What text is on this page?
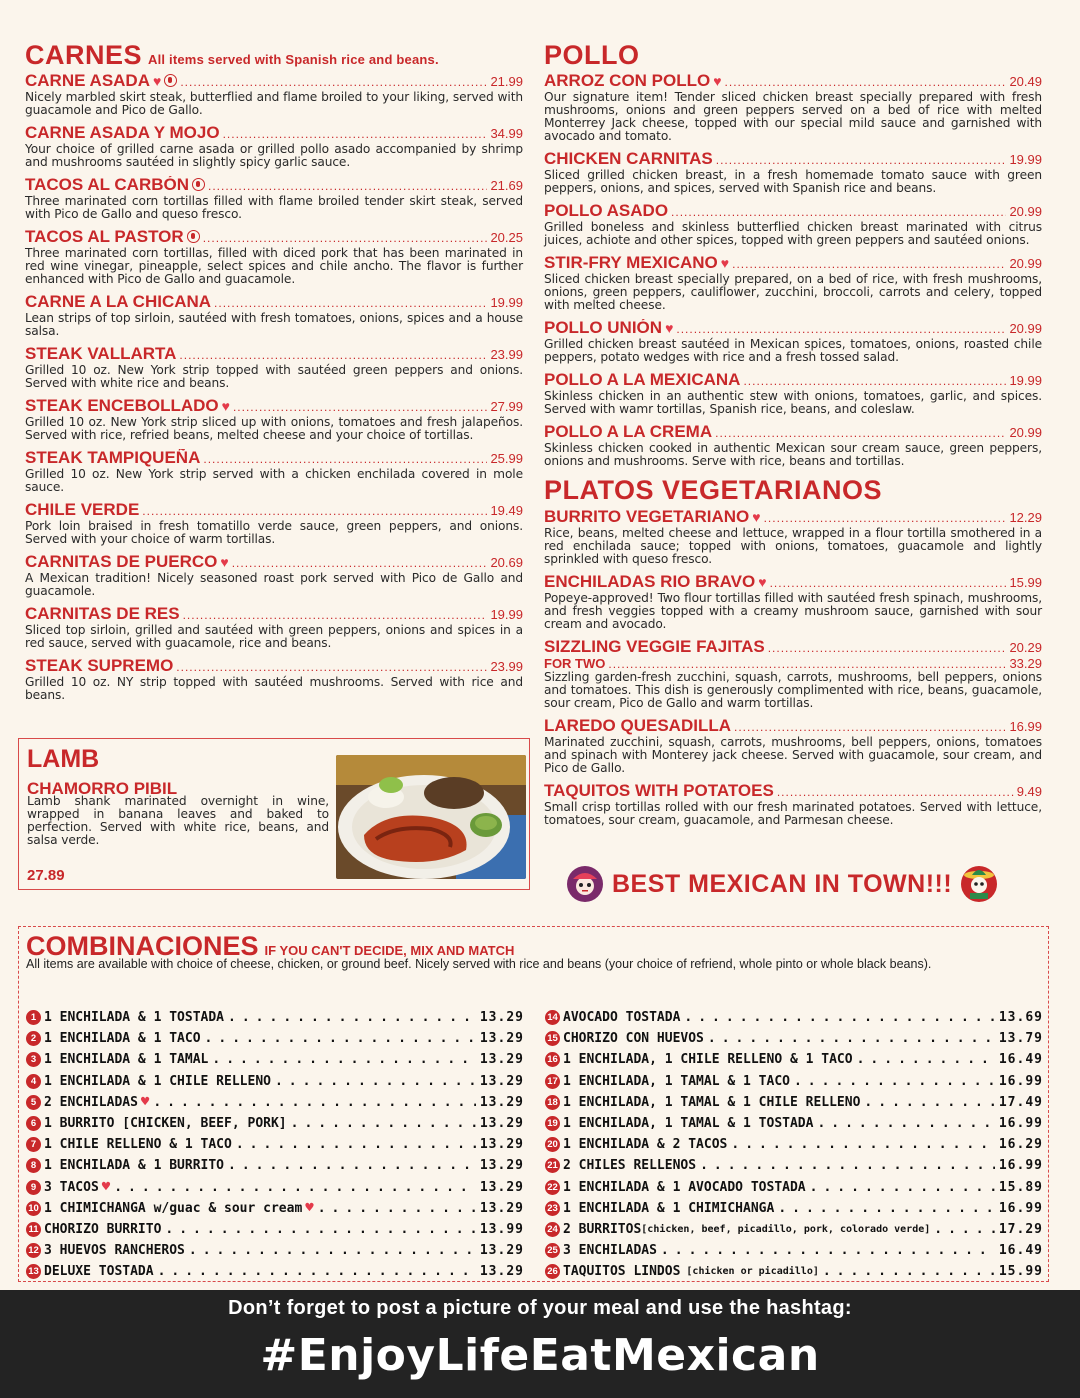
CARNES All items served with Spanish rice and beans.
CARNE ASADA ♥ .....	21.99
Nicely marbled skirt steak, butterflied and flame broiled to your liking, served with guacamole and Pico de Gallo.
CARNE ASADA Y MOJO .....	34.99
Your choice of grilled carne asada or grilled pollo asado accompanied by shrimp and mushrooms sautéed in slightly spicy garlic sauce.
TACOS AL CARBÓN .....	21.69
Three marinated corn tortillas filled with flame broiled tender skirt steak, served with Pico de Gallo and queso fresco.
TACOS AL PASTOR .....	20.25
Three marinated corn tortillas, filled with diced pork that has been marinated in red wine vinegar, pineapple, select spices and chile ancho. The flavor is further enhanced with Pico de Gallo and guacamole.
CARNE A LA CHICANA .....	19.99
Lean strips of top sirloin, sautéed with fresh tomatoes, onions, spices and a house salsa.
STEAK VALLARTA .....	23.99
Grilled 10 oz. New York strip topped with sautéed green peppers and onions. Served with white rice and beans.
STEAK ENCEBOLLADO ♥ .....	27.99
Grilled 10 oz. New York strip sliced up with onions, tomatoes and fresh jalapeños. Served with rice, refried beans, melted cheese and your choice of tortillas.
STEAK TAMPIQUEÑA .....	25.99
Grilled 10 oz. New York strip served with a chicken enchilada covered in mole sauce.
CHILE VERDE .....	19.49
Pork loin braised in fresh tomatillo verde sauce, green peppers, and onions. Served with your choice of warm tortillas.
CARNITAS DE PUERCO ♥ .....	20.69
A Mexican tradition! Nicely seasoned roast pork served with Pico de Gallo and guacamole.
CARNITAS DE RES .....	19.99
Sliced top sirloin, grilled and sautéed with green peppers, onions and spices in a red sauce, served with guacamole, rice and beans.
STEAK SUPREMO .....	23.99
Grilled 10 oz. NY strip topped with sautéed mushrooms. Served with rice and beans.
LAMB
CHAMORRO PIBIL
Lamb shank marinated overnight in wine, wrapped in banana leaves and baked to perfection. Served with white rice, beans, and salsa verde.
27.89
POLLO
ARROZ CON POLLO ♥ .....	20.49
Our signature item! Tender sliced chicken breast specially prepared with fresh mushrooms, onions and green peppers served on a bed of rice with melted Monterrey Jack cheese, topped with our special mild sauce and garnished with avocado and tomato.
CHICKEN CARNITAS .....	19.99
Sliced grilled chicken breast, in a fresh homemade tomato sauce with green peppers, onions, and spices, served with Spanish rice and beans.
POLLO ASADO .....	20.99
Grilled boneless and skinless butterflied chicken breast marinated with citrus juices, achiote and other spices, topped with green peppers and sautéed onions.
STIR-FRY MEXICANO ♥ .....	20.99
Sliced chicken breast specially prepared, on a bed of rice, with fresh mushrooms, onions, green peppers, cauliflower, zucchini, broccoli, carrots and celery, topped with melted cheese.
POLLO UNIÓN ♥ .....	20.99
Grilled chicken breast sautéed in Mexican spices, tomatoes, onions, roasted chile peppers, potato wedges with rice and a fresh tossed salad.
POLLO A LA MEXICANA .....	19.99
Skinless chicken in an authentic stew with onions, tomatoes, garlic, and spices. Served with wamr tortillas, Spanish rice, beans, and coleslaw.
POLLO A LA CREMA .....	20.99
Skinless chicken cooked in authentic Mexican sour cream sauce, green peppers, onions and mushrooms. Serve with rice, beans and tortillas.
PLATOS VEGETARIANOS
BURRITO VEGETARIANO ♥ .....	12.29
Rice, beans, melted cheese and lettuce, wrapped in a flour tortilla smothered in a red enchilada sauce; topped with onions, tomatoes, guacamole and lightly sprinkled with queso fresco.
ENCHILADAS RIO BRAVO ♥ .....	15.99
Popeye-approved! Two flour tortillas filled with sautéed fresh spinach, mushrooms, and fresh veggies topped with a creamy mushroom sauce, garnished with sour cream and avocado.
SIZZLING VEGGIE FAJITAS .....	20.29
FOR TWO .....	33.29
Sizzling garden-fresh zucchini, squash, carrots, mushrooms, bell peppers, onions and tomatoes. This dish is generously complimented with rice, beans, guacamole, sour cream, Pico de Gallo and warm tortillas.
LAREDO QUESADILLA .....	16.99
Marinated zucchini, squash, carrots, mushrooms, bell peppers, onions, tomatoes and spinach with Monterey jack cheese. Served with guacamole, sour cream, and Pico de Gallo.
TAQUITOS WITH POTATOES .....	9.49
Small crisp tortillas rolled with our fresh marinated potatoes. Served with lettuce, tomatoes, sour cream, guacamole, and Parmesan cheese.
BEST MEXICAN IN TOWN!!!
COMBINACIONES IF YOU CAN'T DECIDE, MIX AND MATCH
All items are available with choice of cheese, chicken, or ground beef. Nicely served with rice and beans (your choice of refriend, whole pinto or whole black beans).
1 1 ENCHILADA & 1 TOSTADA .....	13.29
2 1 ENCHILADA & 1 TACO .....	13.29
3 1 ENCHILADA & 1 TAMAL .....	13.29
4 1 ENCHILADA & 1 CHILE RELLENO .....	13.29
5 2 ENCHILADAS ♥ .....	13.29
6 1 BURRITO [CHICKEN, BEEF, PORK] .....	13.29
7 1 CHILE RELLENO & 1 TACO .....	13.29
8 1 ENCHILADA & 1 BURRITO .....	13.29
9 3 TACOS ♥ .....	13.29
10 1 CHIMICHANGA w/guac & sour cream ♥ .....	13.29
11 CHORIZO BURRITO .....	13.99
12 3 HUEVOS RANCHEROS .....	13.29
13 DELUXE TOSTADA .....	13.29
14 AVOCADO TOSTADA .....	13.69
15 CHORIZO CON HUEVOS .....	13.79
16 1 ENCHILADA, 1 CHILE RELLENO & 1 TACO .....	16.49
17 1 ENCHILADA, 1 TAMAL & 1 TACO .....	16.99
18 1 ENCHILADA, 1 TAMAL & 1 CHILE RELLENO .....	17.49
19 1 ENCHILADA, 1 TAMAL & 1 TOSTADA .....	16.99
20 1 ENCHILADA & 2 TACOS .....	16.29
21 2 CHILES RELLENOS .....	16.99
22 1 ENCHILADA & 1 AVOCADO TOSTADA .....	15.89
23 1 ENCHILADA & 1 CHIMICHANGA .....	16.99
24 2 BURRITOS [chicken, beef, picadillo, pork, colorado verde] .....	17.29
25 3 ENCHILADAS .....	16.49
26 TAQUITOS LINDOS [chicken or picadillo] .....	15.99
Don’t forget to post a picture of your meal and use the hashtag:
#EnjoyLifeEatMexican
